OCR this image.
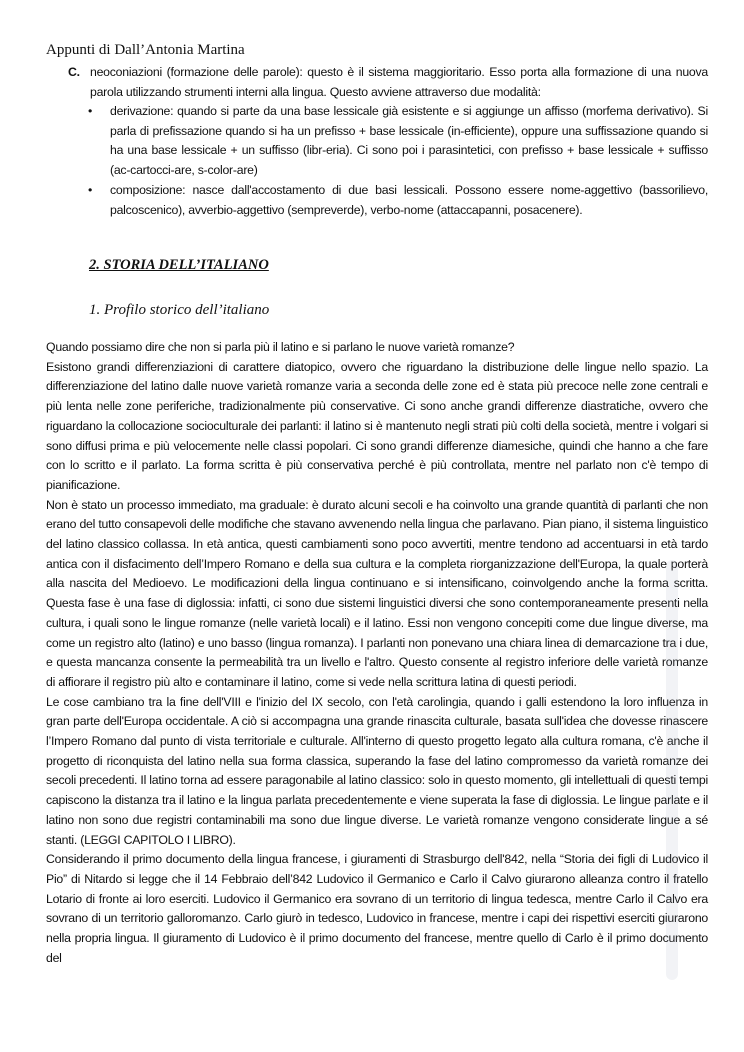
Appunti di Dall’Antonia Martina
C. neoconiazioni (formazione delle parole): questo è il sistema maggioritario. Esso porta alla formazione di una nuova parola utilizzando strumenti interni alla lingua. Questo avviene attraverso due modalità:
• derivazione: quando si parte da una base lessicale già esistente e si aggiunge un affisso (morfema derivativo). Si parla di prefissazione quando si ha un prefisso + base lessicale (in-efficiente), oppure una suffissazione quando si ha una base lessicale + un suffisso (libr-eria). Ci sono poi i parasintetici, con prefisso + base lessicale + suffisso (ac-cartocci-are, s-color-are)
• composizione: nasce dall'accostamento di due basi lessicali. Possono essere nome-aggettivo (bassorilievo, palcoscenico), avverbio-aggettivo (sempreverde), verbo-nome (attaccapanni, posacenere).
2. STORIA DELL’ITALIANO
1. Profilo storico dell’italiano

Quando possiamo dire che non si parla più il latino e si parlano le nuove varietà romanze?

Esistono grandi differenziazioni di carattere diatopico, ovvero che riguardano la distribuzione delle lingue nello spazio. La differenziazione del latino dalle nuove varietà romanze varia a seconda delle zone ed è stata più precoce nelle zone centrali e più lenta nelle zone periferiche, tradizionalmente più conservative. Ci sono anche grandi differenze diastratiche, ovvero che riguardano la collocazione socioculturale dei parlanti: il latino si è mantenuto negli strati più colti della società, mentre i volgari si sono diffusi prima e più velocemente nelle classi popolari. Ci sono grandi differenze diamesiche, quindi che hanno a che fare con lo scritto e il parlato. La forma scritta è più conservativa perché è più controllata, mentre nel parlato non c'è tempo di pianificazione.

Non è stato un processo immediato, ma graduale: è durato alcuni secoli e ha coinvolto una grande quantità di parlanti che non erano del tutto consapevoli delle modifiche che stavano avvenendo nella lingua che parlavano. Pian piano, il sistema linguistico del latino classico collassa. In età antica, questi cambiamenti sono poco avvertiti, mentre tendono ad accentuarsi in età tardo antica con il disfacimento dell’Impero Romano e della sua cultura e la completa riorganizzazione dell'Europa, la quale porterà alla nascita del Medioevo. Le modificazioni della lingua continuano e si intensificano, coinvolgendo anche la forma scritta. Questa fase è una fase di diglossia: infatti, ci sono due sistemi linguistici diversi che sono contemporaneamente presenti nella cultura, i quali sono le lingue romanze (nelle varietà locali) e il latino. Essi non vengono concepiti come due lingue diverse, ma come un registro alto (latino) e uno basso (lingua romanza). I parlanti non ponevano una chiara linea di demarcazione tra i due, e questa mancanza consente la permeabilità tra un livello e l'altro. Questo consente al registro inferiore delle varietà romanze di affiorare il registro più alto e contaminare il latino, come si vede nella scrittura latina di questi periodi.

Le cose cambiano tra la fine dell'VIII e l'inizio del IX secolo, con l'età carolingia, quando i galli estendono la loro influenza in gran parte dell'Europa occidentale. A ciò si accompagna una grande rinascita culturale, basata sull'idea che dovesse rinascere l’Impero Romano dal punto di vista territoriale e culturale. All'interno di questo progetto legato alla cultura romana, c'è anche il progetto di riconquista del latino nella sua forma classica, superando la fase del latino compromesso da varietà romanze dei secoli precedenti. Il latino torna ad essere paragonabile al latino classico: solo in questo momento, gli intellettuali di questi tempi capiscono la distanza tra il latino e la lingua parlata precedentemente e viene superata la fase di diglossia. Le lingue parlate e il latino non sono due registri contaminabili ma sono due lingue diverse. Le varietà romanze vengono considerate lingue a sé stanti. (LEGGI CAPITOLO I LIBRO).

Considerando il primo documento della lingua francese, i giuramenti di Strasburgo dell'842, nella “Storia dei figli di Ludovico il Pio” di Nitardo si legge che il 14 Febbraio dell’842 Ludovico il Germanico e Carlo il Calvo giurarono alleanza contro il fratello Lotario di fronte ai loro eserciti. Ludovico il Germanico era sovrano di un territorio di lingua tedesca, mentre Carlo il Calvo era sovrano di un territorio galloromanzo. Carlo giurò in tedesco, Ludovico in francese, mentre i capi dei rispettivi eserciti giurarono nella propria lingua. Il giuramento di Ludovico è il primo documento del francese, mentre quello di Carlo è il primo documento del
